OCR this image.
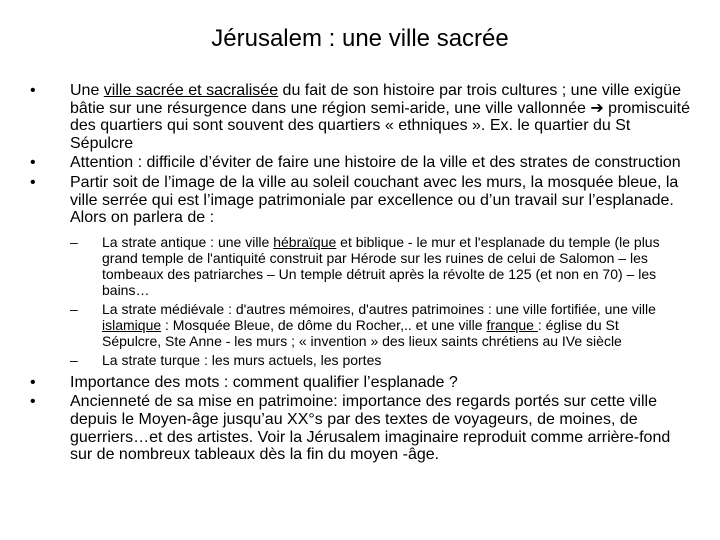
Jérusalem : une ville sacrée
• Une ville sacrée et sacralisée du fait de son histoire par trois cultures ; une ville exigüe bâtie sur une résurgence dans une région semi-aride, une ville vallonnée ➔ promiscuité des quartiers qui sont souvent des quartiers « ethniques ». Ex. le quartier du St Sépulcre
• Attention : difficile d’éviter de faire une histoire de la ville et des strates de construction
• Partir soit de l’image de la ville au soleil couchant avec les murs, la mosquée bleue, la ville serrée qui est l’image patrimoniale par excellence ou d’un travail sur l’esplanade. Alors on parlera de :
– La strate antique : une ville hébraïque et biblique - le mur et l'esplanade du temple (le plus grand temple de l'antiquité construit par Hérode sur les ruines de celui de Salomon – les tombeaux des patriarches – Un temple détruit après la révolte de 125 (et non en 70) – les bains…
– La strate médiévale : d'autres mémoires, d'autres patrimoines : une ville fortifiée, une ville islamique : Mosquée Bleue, de dôme du Rocher,.. et une ville franque : église du St Sépulcre, Ste Anne - les murs ; « invention » des lieux saints chrétiens au IVe siècle
– La strate turque : les murs actuels, les portes
• Importance des mots : comment qualifier l’esplanade ?
• Ancienneté de sa mise en patrimoine: importance des regards portés sur cette ville depuis le Moyen-âge jusqu’au XX°s par des textes de voyageurs, de moines, de guerriers…et des artistes. Voir la Jérusalem imaginaire reproduit comme arrière-fond sur de nombreux tableaux dès la fin du moyen -âge.
